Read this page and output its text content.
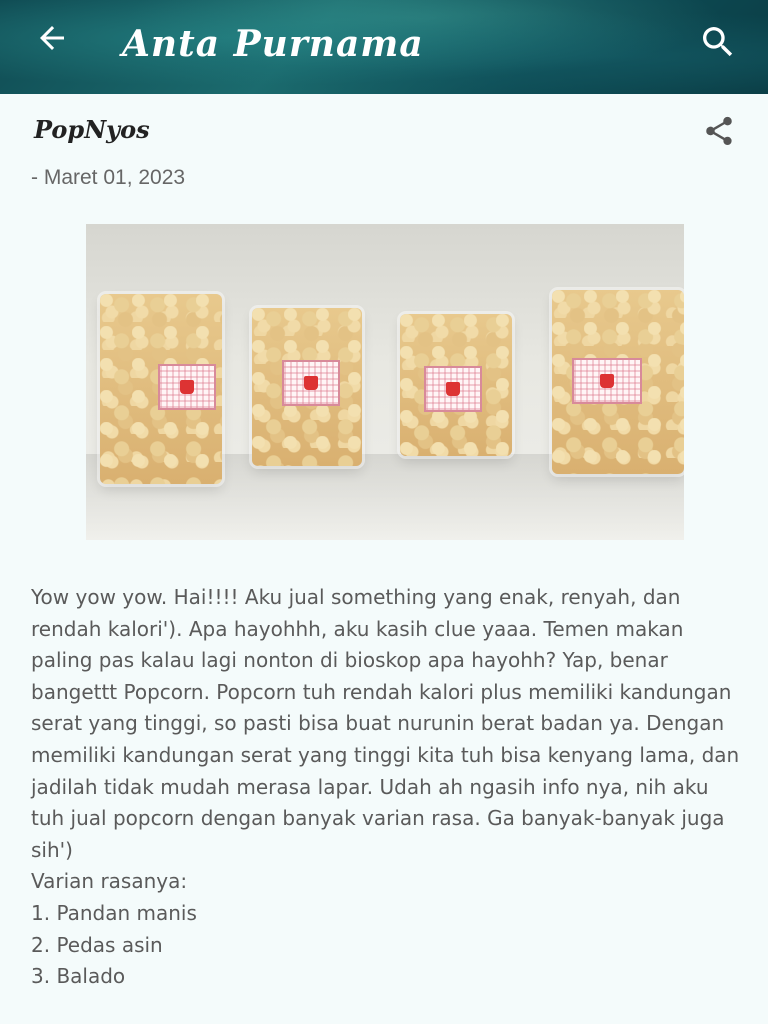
Anta Purnama
PopNyos
- Maret 01, 2023

Yow yow yow. Hai!!!! Aku jual something yang enak, renyah, dan rendah kalori'). Apa hayohhh, aku kasih clue yaaa. Temen makan paling pas kalau lagi nonton di bioskop apa hayohh? Yap, benar bangettt Popcorn. Popcorn tuh rendah kalori plus memiliki kandungan serat yang tinggi, so pasti bisa buat nurunin berat badan ya. Dengan memiliki kandungan serat yang tinggi kita tuh bisa kenyang lama, dan jadilah tidak mudah merasa lapar. Udah ah ngasih info nya, nih aku tuh jual popcorn dengan banyak varian rasa. Ga banyak-banyak juga sih')

Varian rasanya:

1. Pandan manis

2. Pedas asin

3. Balado
